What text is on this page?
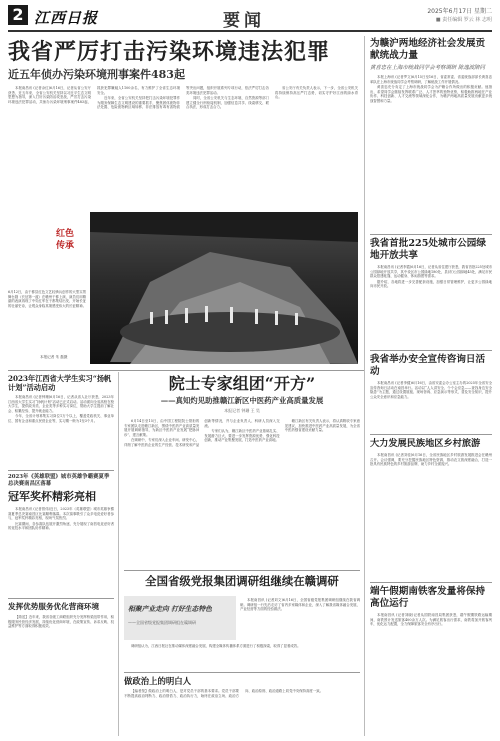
2 江西日报	要闻	2025年6月17日 星期二
■ 责任编辑 罗云 林 志明
我省严厉打击污染环境违法犯罪
近五年侦办污染环境刑事案件483起

本报南昌讯 (记者余红)6月16日，记者从省公安厅获悉，近五年来，全省公安机关坚持以习近平生态文明思想为指导，深入打好污染防治攻坚战，严厉打击污染环境违法犯罪活动，共侦办污染环境刑事案件483起，抓获犯罪嫌疑人1100余名，有力维护了全省生态环境安全。

近年来，全省公安机关坚持把打击污染环境犯罪作为服务保障生态文明建设的重要抓手，聚焦固体废物非法处置、危险废物跨区域转移、非法排放有毒有害物质等突出问题，组织开展系列专项行动，依法严厉打击各类环境违法犯罪活动。

同时，全省公安机关与生态环境、自然资源等部门建立健全行刑衔接机制，加强信息共享、线索移交、联合执法，形成打击合力。

省公安厅有关负责人表示，下一步，全省公安机关将持续保持高压严打态势，切实守护好江西的绿水青山。

红色传承

6月12日，由于都县红色文艺轻骑兵创作的大型实景舞台剧《长征第一渡》在赣州于都上演，演员们用精湛的表演再现了中央红军在于都集结出发、开始长征的壮丽史诗，让观众身临其境感受伟大的长征精神。

本报记者 朱 磊摄
为赣沪两地经济社会发展贡献统战力量
黄喜忠在上海市统战同学会考察调研 陈逸波陪同

本报上海讯 (记者罗文)6月15日至16日，省委常委、省委统战部部长黄喜忠率队在上海市统战同学会考察调研，了解统战工作开展情况。

黄喜忠充分肯定了上海市统战同学会为沪赣合作所做出的积极贡献。他指出，希望同学会继续发挥联系广泛、人才荟萃的独特优势，积极助推两地在产业协作、科技创新、人才交流等领域深化合作，为赣沪两地高质量发展贡献更多统战智慧和力量。

我省首批225处城市公园绿地开放共享

本报南昌讯 (记者李霞)6月16日，记者从省住建厅获悉，我省首批225处城市公园绿地开放共享，其中设区市公园绿地180处，县(市)公园绿地45处，满足市民群众搭建帐篷、运动健身、休闲游憩等需求。

据介绍，各地将进一步完善配套设施，加强日常管理维护，让更多公园绿地向市民开放。

我省举办安全宣传咨询日活动

本报南昌讯 (记者李健)6月16日，由省安委会办公室主办的2025年全省安全宣传咨询日活动在南昌举行。活动以“人人讲安全、个个会应急——查找身边安全隐患”为主题，通过设置展板、现场咨询、应急演示等形式，普及安全知识，提升公众安全意识和应急能力。

大力发展民族地区乡村旅游

本报南昌讯 (记者刘佳)6月16日，全省民族地区乡村旅游发展推进会在赣州召开。会议强调，要充分挖掘民族地区特色资源，推动农文旅深度融合，打造一批具有民族特色的乡村旅游品牌，助力乡村全面振兴。

端午假期南铁客发量将保持高位运行

本报南昌讯 (记者刘晓)记者从国铁南昌局集团获悉，端午假期铁路运输期间，南铁预计发送旅客400余万人次。为满足旅客出行需求，南铁将加开旅客列车，优化运力配置，全力保障旅客安全有序出行。

2023年江西省大学生实习“扬帆计划”活动启动

本报南昌讯 (记者钟珊)6月16日，记者从省人社厅获悉，2023年江西省大学生实习“扬帆计划”活动已正式启动。活动面向全省高校在校大学生，提供政务类、企业类等多种实习岗位，帮助大学生提前了解社会、积累经验、提升就业能力。

今年，全省计划募集实习岗位1万个以上，覆盖党政机关、事业单位、国有企业和重点民营企业等，实习期一般为1至3个月。

2023年《英雄联盟》城市英雄争霸赛夏季总决赛南昌区落幕
冠军奖杯精彩亮相

本报南昌讯 (记者曾伟)近日，2023年《英雄联盟》城市英雄争霸赛夏季总决赛南昌区比赛顺利落幕。本次赛事吸引了众多电竞爱好者参与，冠军奖杯精彩亮相，现场气氛热烈。

比赛期间，各参赛队伍展开激烈角逐，充分展现了南昌电竞爱好者的竞技水平和团队协作精神。

发挥优势服务优化营商环境

【简述】近年来，我省各级工商联组织充分发挥桥梁纽带作用，积极服务民营经济发展，持续优化营商环境，在政策宣传、诉求反映、权益维护等方面取得积极成效。

院士专家组团“开方”
——真知灼见助推赣江新区中医药产业高质量发展
本报记者 钟珊 王 昊

6月14日至15日，由中国工程院院士领衔的专家团队走进赣江新区，围绕中医药产业高质量发展开展调研指导，为新区中医药产业发展“把脉问诊”、建言献策。

在调研中，专家们深入企业车间、研发中心，详细了解中医药企业的生产经营、技术研发和产品创新等情况，并与企业负责人、科研人员深入交流。

专家们认为，赣江新区中医药产业基础扎实、发展潜力巨大，要进一步发挥资源优势，强化科技创新，推动产业集聚发展，打造中医药产业高地。

赣江新区有关负责人表示，将认真吸收专家意见建议，加快推进中医药产业高质量发展，为全省中医药强省建设贡献力量。

全国省级党报集团调研组继续在赣调研
相聚产业走向 打好生态特色
——全国省级党报集团调研组在赣调研

本报南昌讯 (记者刘文)6月16日，全国省级党报集团调研组继续在我省调研。调研组一行先后走访了省内多家媒体和企业，深入了解我省媒体融合发展、产业经营等方面的经验做法。

调研组认为，江西日报社在推动媒体深度融合发展、构建全媒体传播体系方面进行了积极探索，取得了显著成效。

做政治上的明白人

【编者按】做政治上的明白人，是对党员干部的基本要求。党员干部要不断提高政治判断力、政治领悟力、政治执行力，始终在政治立场、政治方向、政治原则、政治道路上同党中央保持高度一致。
